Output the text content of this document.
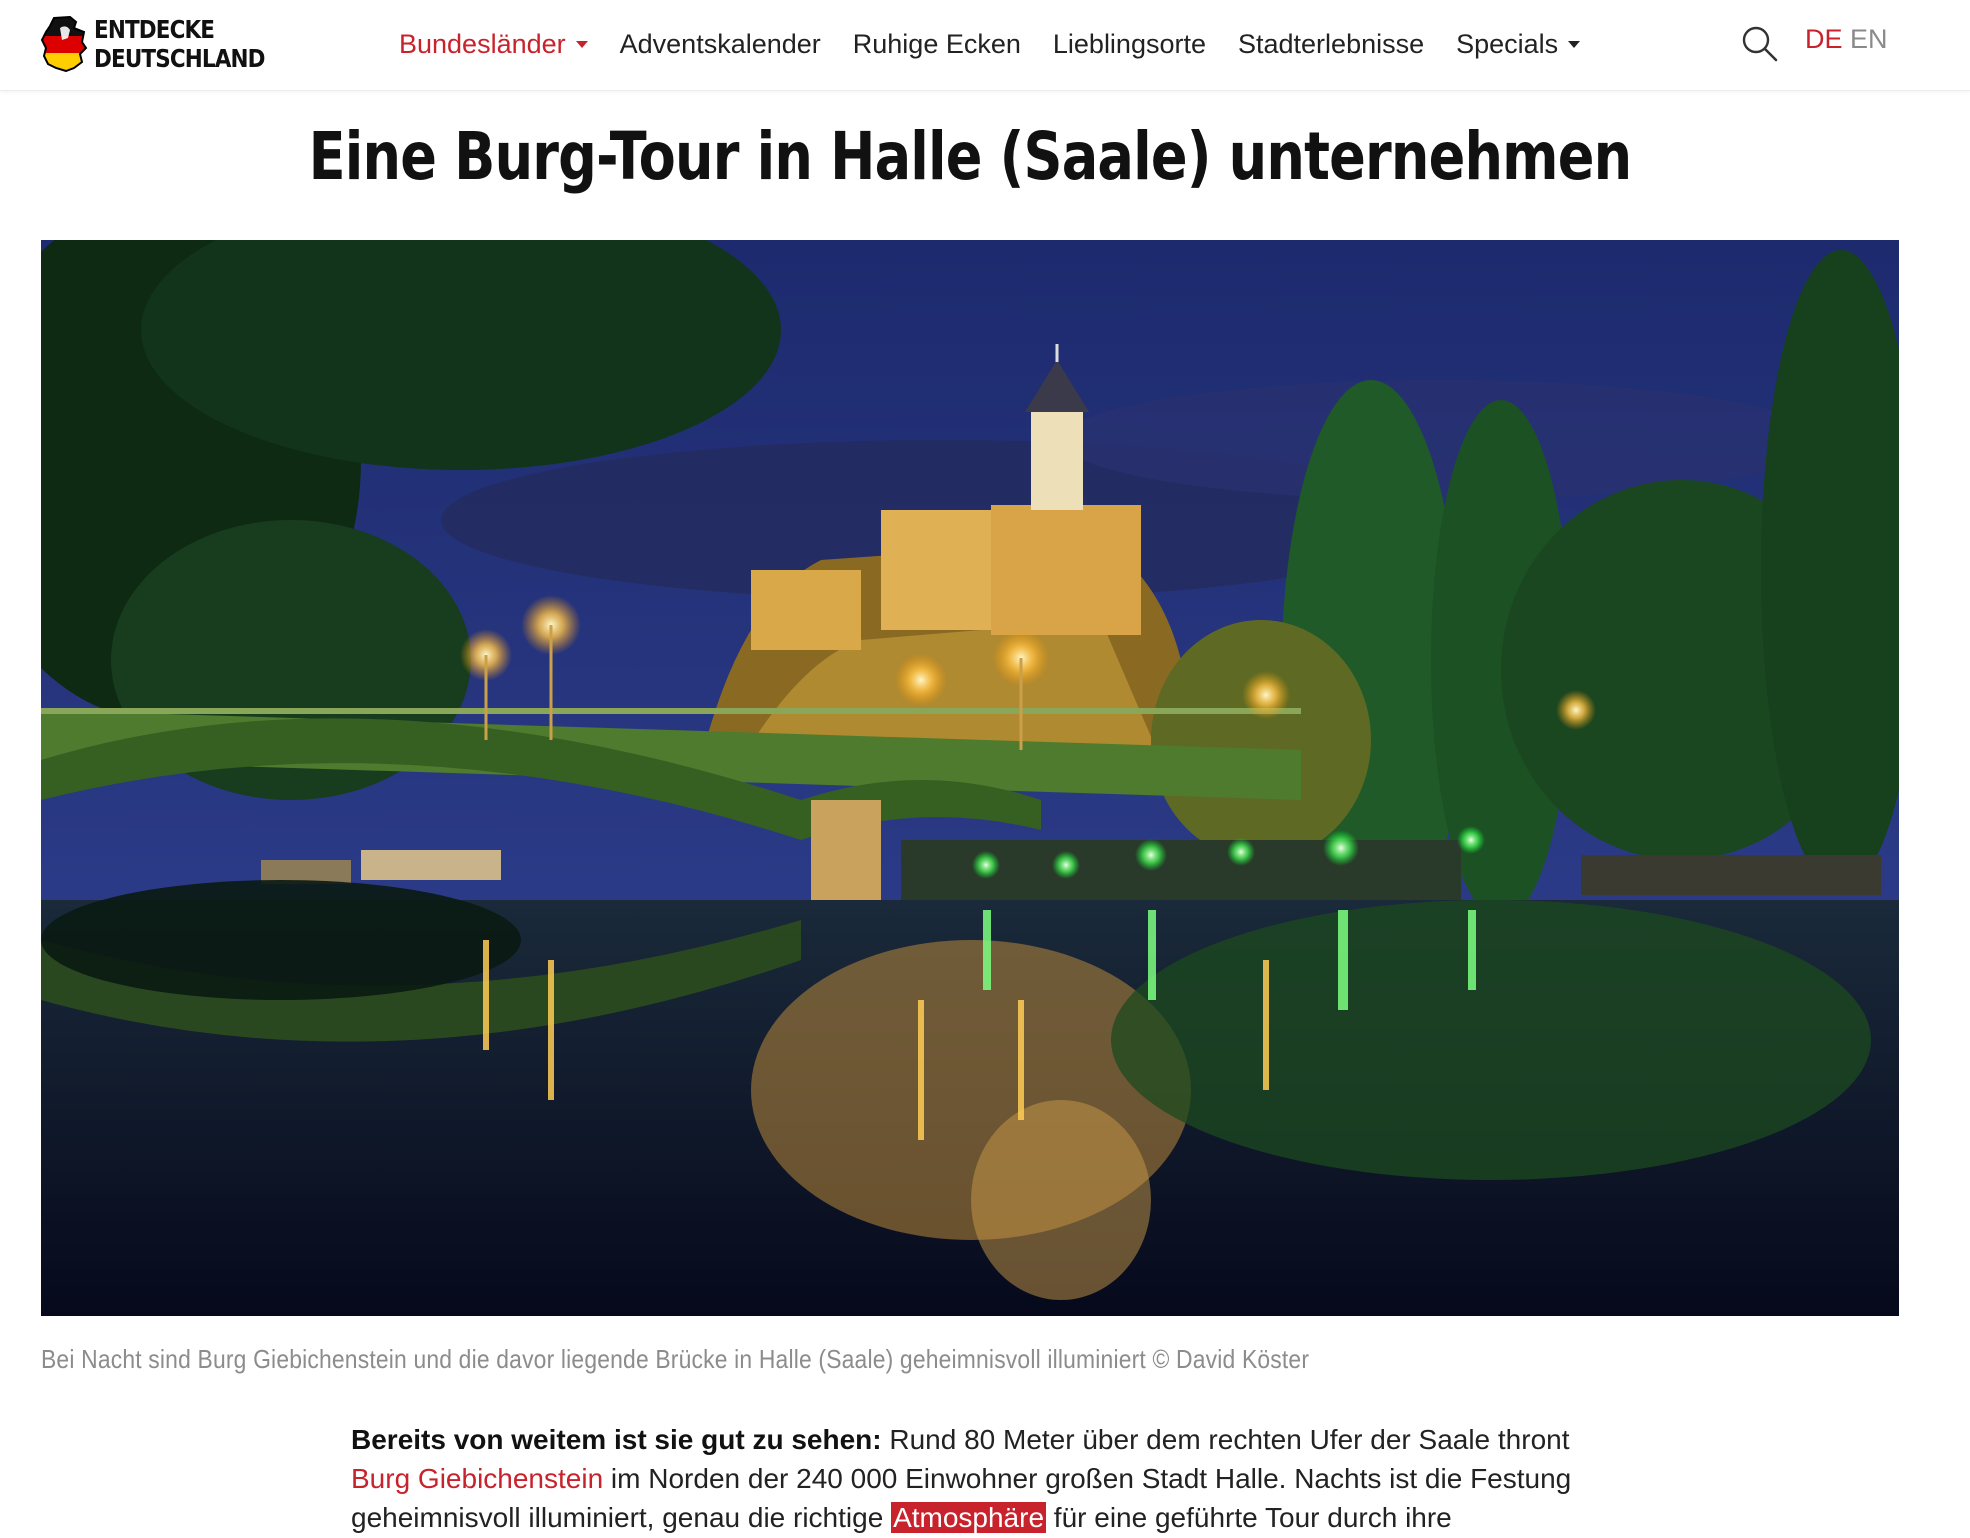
ENTDECKE
DEUTSCHLAND	Bundesländer Adventskalender Ruhige Ecken Lieblingsorte Stadterlebnisse Specials	DE EN
Eine Burg-Tour in Halle (Saale) unternehmen
Bei Nacht sind Burg Giebichenstein und die davor liegende Brücke in Halle (Saale) geheimnisvoll illuminiert © David Köster

Bereits von weitem ist sie gut zu sehen: Rund 80 Meter über dem rechten Ufer der Saale thront Burg Giebichenstein im Norden der 240 000 Einwohner großen Stadt Halle. Nachts ist die Festung geheimnisvoll illuminiert, genau die richtige Atmosphäre für eine geführte Tour durch ihre
